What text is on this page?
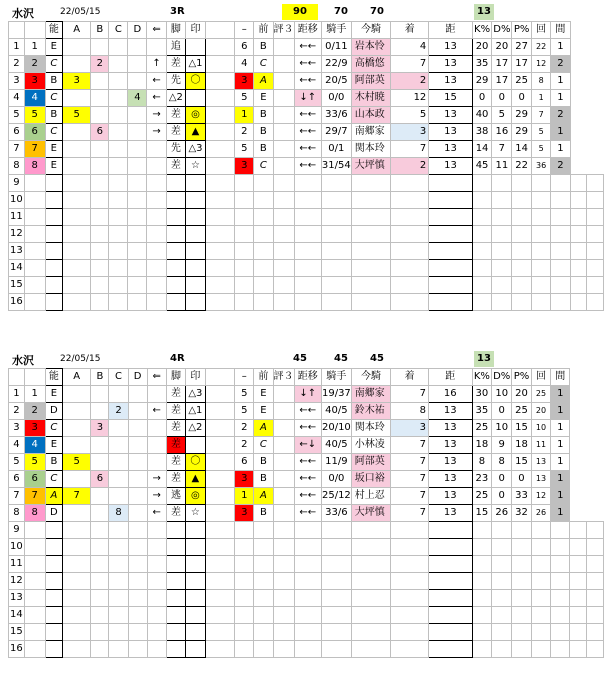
水沢	22/05/15	3R	90	70	70	13
		能	A	B	C	D	⇐	脚	印		–	前	評３	距移	騎手	今騎	着	距	K%	D%	P%	回	間		
1	1	E						追			6	B		←←	0/11	岩本怜	4	13	20	20	27	22	1		
2	2	C		2			↑	差	△1		4	C		←←	22/9	高橋悠	7	13	35	17	17	12	2		
3	3	B	3				←	先	〇		3	A		←←	20/5	阿部英	2	13	29	17	25	8	1		
4	4	C				4	←	△2			5	E		↓↑	0/0	木村暁	12	15	0	0	0	1	1		
5	5	B	5				→	差	◎		1	B		←←	33/6	山本政	5	13	40	5	29	7	2		
6	6	C		6			→	差	▲		2	B		←←	29/7	南郷家	3	13	38	16	29	5	1		
7	7	E						先	△3		5	B		←←	0/1	関本玲	7	13	14	7	14	5	1		
8	8	E						差	☆		3	C		←←	31/54	大坪慎	2	13	45	11	22	36	2		
9																									
10																									
11																									
12																									
13																									
14																									
15																									
16																									
水沢	22/05/15	4R	45	45	45	13
		能	A	B	C	D	⇐	脚	印		–	前	評３	距移	騎手	今騎	着	距	K%	D%	P%	回	間		
1	1	E						差	△3		5	E		↓↑	19/37	南郷家	7	16	30	10	20	25	1		
2	2	D			2		←	差	△1		5	E		←←	40/5	鈴木祐	8	13	35	0	25	20	1		
3	3	C		3				差	△2		2	A		←←	20/10	関本玲	3	13	25	10	15	10	1		
4	4	E						差			2	C		←↓	40/5	小林凌	7	13	18	9	18	11	1		
5	5	B	5					差	〇		6	B		←←	11/9	阿部英	7	13	8	8	15	13	1		
6	6	C		6			→	差	▲		3	B		←←	0/0	坂口裕	7	13	23	0	0	13	1		
7	7	A	7				→	逃	◎		1	A		←←	25/12	村上忍	7	13	25	0	33	12	1		
8	8	D			8		←	差	☆		3	B		←←	33/6	大坪慎	7	13	15	26	32	26	1		
9																									
10																									
11																									
12																									
13																									
14																									
15																									
16																									
